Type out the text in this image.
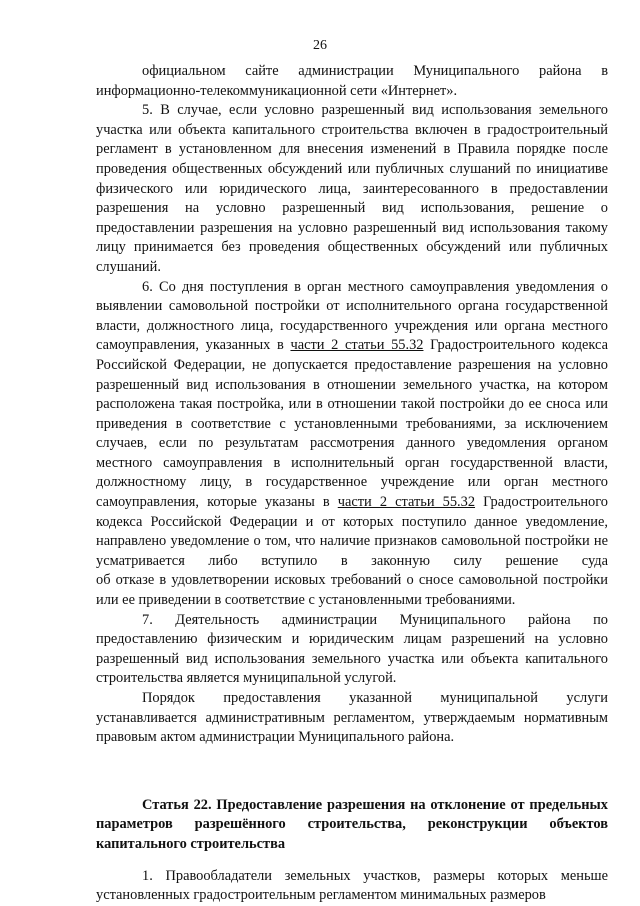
26

официальном сайте администрации Муниципального района в информационно-телекоммуникационной сети «Интернет».

5. В случае, если условно разрешенный вид использования земельного участка или объекта капитального строительства включен в градостроительный регламент в установленном для внесения изменений в Правила порядке после проведения общественных обсуждений или публичных слушаний по инициативе физического или юридического лица, заинтересованного в предоставлении разрешения на условно разрешенный вид использования, решение о предоставлении разрешения на условно разрешенный вид использования такому лицу принимается без проведения общественных обсуждений или публичных слушаний.

6. Со дня поступления в орган местного самоуправления уведомления о выявлении самовольной постройки от исполнительного органа государственной власти, должностного лица, государственного учреждения или органа местного самоуправления, указанных в части 2 статьи 55.32 Градостроительного кодекса Российской Федерации, не допускается предоставление разрешения на условно разрешенный вид использования в отношении земельного участка, на котором расположена такая постройка, или в отношении такой постройки до ее сноса или приведения в соответствие с установленными требованиями, за исключением случаев, если по результатам рассмотрения данного уведомления органом местного самоуправления в исполнительный орган государственной власти, должностному лицу, в государственное учреждение или орган местного самоуправления, которые указаны в части 2 статьи 55.32 Градостроительного кодекса Российской Федерации и от которых поступило данное уведомление, направлено уведомление о том, что наличие признаков самовольной постройки не усматривается либо вступило в законную силу решение суда

об отказе в удовлетворении исковых требований о сносе самовольной постройки или ее приведении в соответствие с установленными требованиями.

7. Деятельность администрации Муниципального района по предоставлению физическим и юридическим лицам разрешений на условно разрешенный вид использования земельного участка или объекта капитального строительства является муниципальной услугой.

Порядок предоставления указанной муниципальной услуги устанавливается административным регламентом, утверждаемым нормативным правовым актом администрации Муниципального района.

Статья 22. Предоставление разрешения на отклонение от предельных параметров разрешённого строительства, реконструкции объектов капитального строительства

1. Правообладатели земельных участков, размеры которых меньше установленных градостроительным регламентом минимальных размеров
